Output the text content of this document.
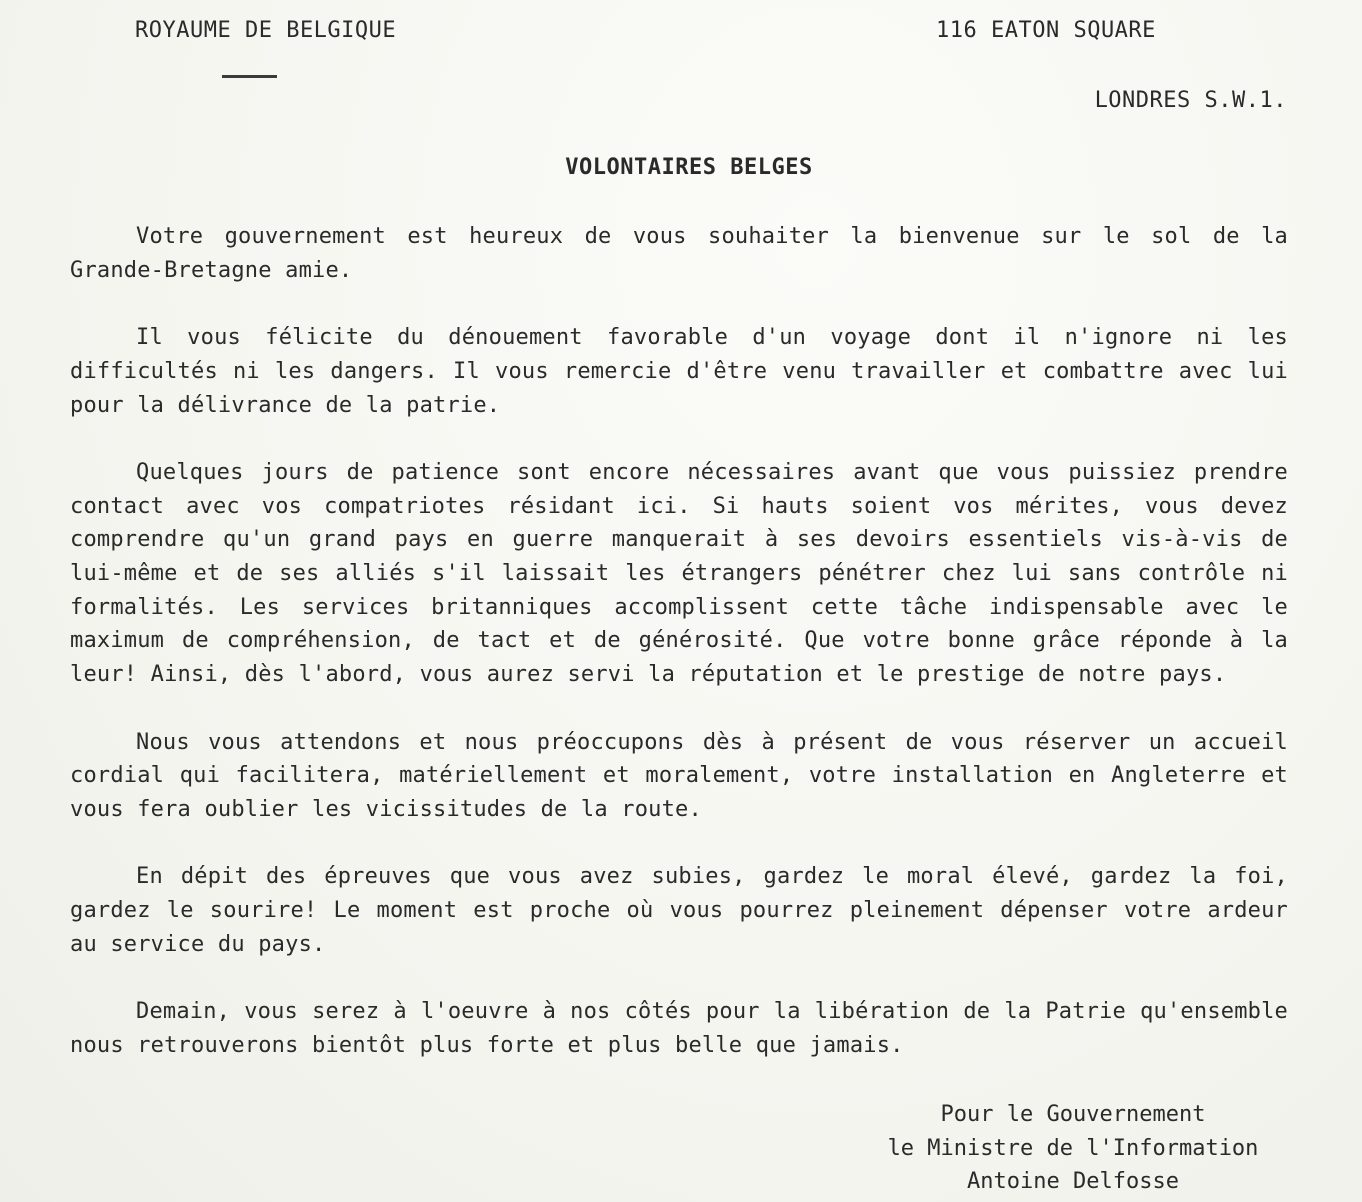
ROYAUME DE BELGIQUE	116 EATON SQUARE
LONDRES S.W.1.
VOLONTAIRES BELGES

Votre gouvernement est heureux de vous souhaiter la bienvenue sur le sol de la Grande-Bretagne amie.

Il vous félicite du dénouement favorable d'un voyage dont il n'ignore ni les difficultés ni les dangers. Il vous remercie d'être venu travailler et combattre avec lui pour la délivrance de la patrie.

Quelques jours de patience sont encore nécessaires avant que vous puissiez prendre contact avec vos compatriotes résidant ici. Si hauts soient vos mérites, vous devez comprendre qu'un grand pays en guerre manquerait à ses devoirs essentiels vis-à-vis de lui-même et de ses alliés s'il laissait les étrangers pénétrer chez lui sans contrôle ni formalités. Les services britanniques accomplissent cette tâche indispensable avec le maximum de compréhension, de tact et de générosité. Que votre bonne grâce réponde à la leur! Ainsi, dès l'abord, vous aurez servi la réputation et le prestige de notre pays.

Nous vous attendons et nous préoccupons dès à présent de vous réserver un accueil cordial qui facilitera, matériellement et moralement, votre installation en Angleterre et vous fera oublier les vicissitudes de la route.

En dépit des épreuves que vous avez subies, gardez le moral élevé, gardez la foi, gardez le sourire! Le moment est proche où vous pourrez pleinement dépenser votre ardeur au service du pays.

Demain, vous serez à l'oeuvre à nos côtés pour la libération de la Patrie qu'ensemble nous retrouverons bientôt plus forte et plus belle que jamais.

Pour le Gouvernement
le Ministre de l'Information
Antoine Delfosse
